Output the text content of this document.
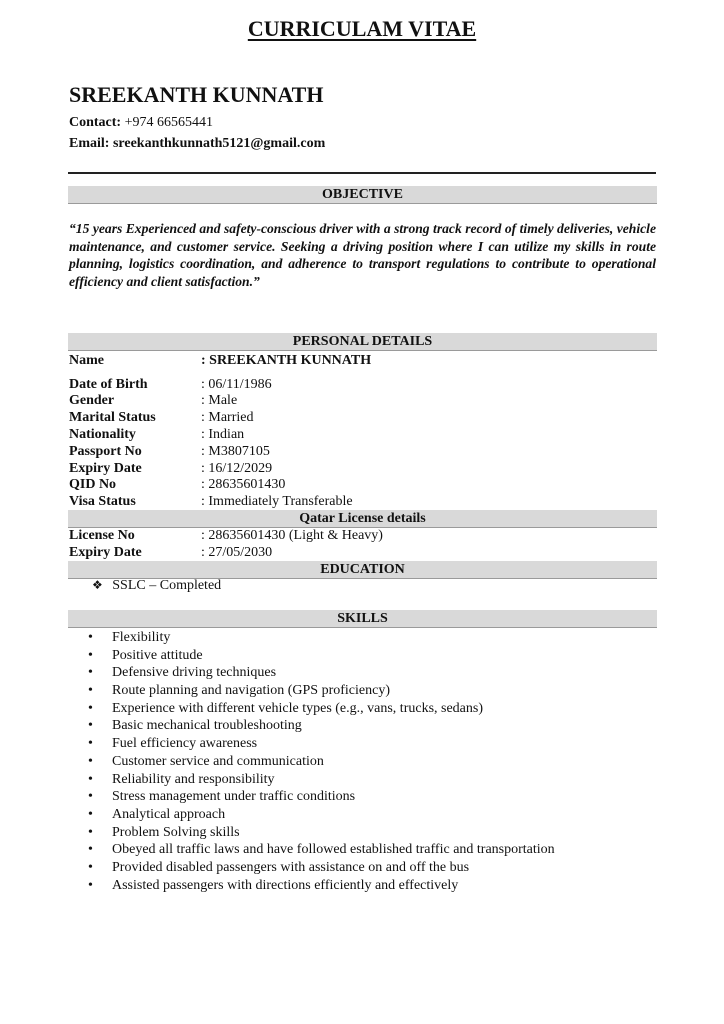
CURRICULAM VITAE
SREEKANTH KUNNATH
Contact: +974 66565441
Email: sreekanthkunnath5121@gmail.com
OBJECTIVE
“15 years Experienced and safety-conscious driver with a strong track record of timely deliveries, vehicle maintenance, and customer service. Seeking a driving position where I can utilize my skills in route planning, logistics coordination, and adherence to transport regulations to contribute to operational efficiency and client satisfaction.”
PERSONAL DETAILS
Name	: SREEKANTH KUNNATH
Date of Birth	: 06/11/1986
Gender	: Male
Marital Status	: Married
Nationality	: Indian
Passport No	: M3807105
Expiry Date	: 16/12/2029
QID No	: 28635601430
Visa Status	: Immediately Transferable
Qatar License details
License No	: 28635601430 (Light & Heavy)
Expiry Date	: 27/05/2030
EDUCATION
❖ SSLC – Completed
SKILLS
• Flexibility
• Positive attitude
• Defensive driving techniques
• Route planning and navigation (GPS proficiency)
• Experience with different vehicle types (e.g., vans, trucks, sedans)
• Basic mechanical troubleshooting
• Fuel efficiency awareness
• Customer service and communication
• Reliability and responsibility
• Stress management under traffic conditions
• Analytical approach
• Problem Solving skills
• Obeyed all traffic laws and have followed established traffic and transportation
• Provided disabled passengers with assistance on and off the bus
• Assisted passengers with directions efficiently and effectively
